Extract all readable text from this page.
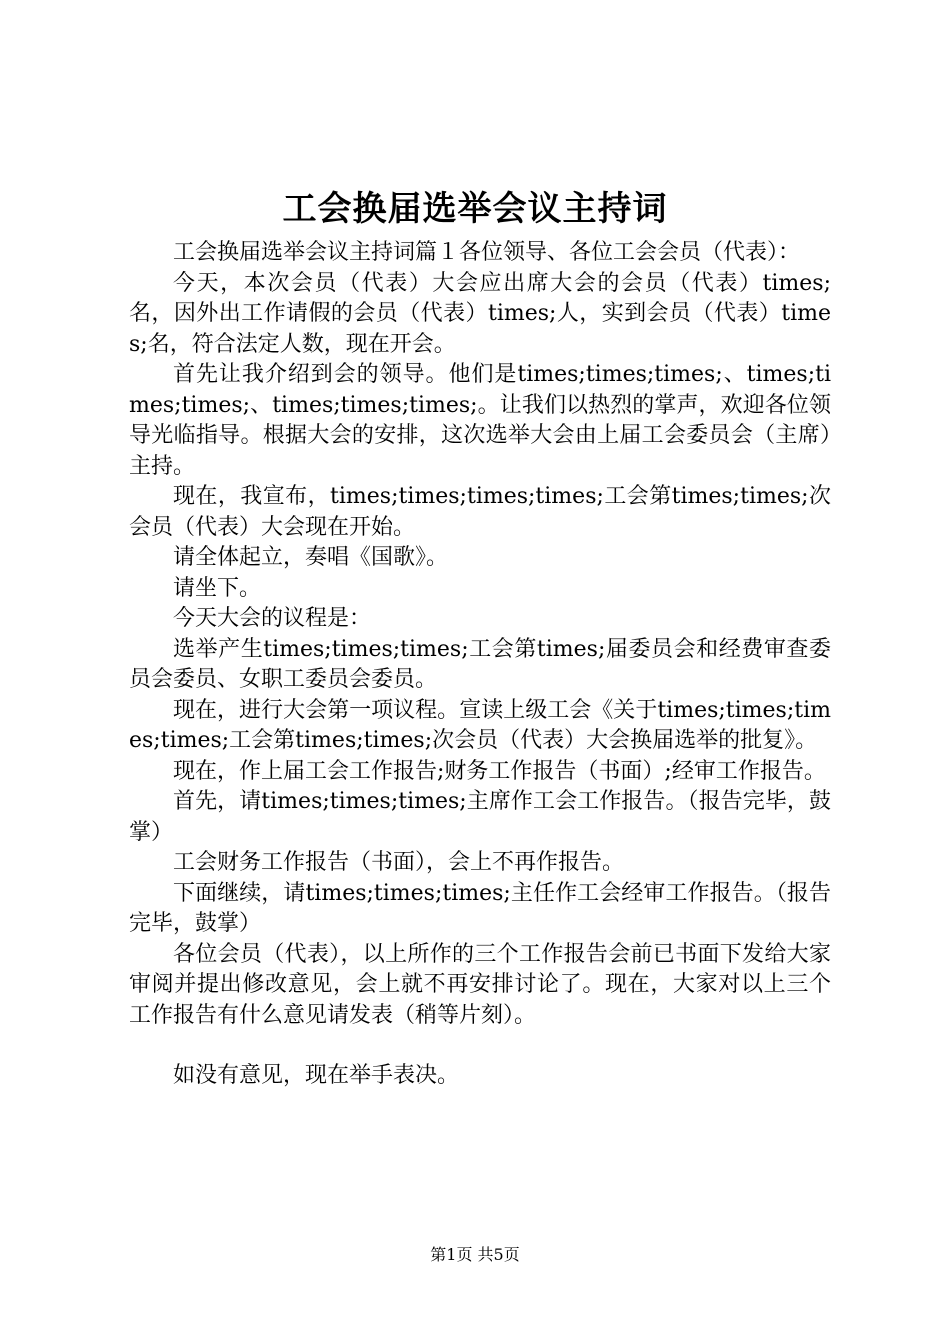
工会换届选举会议主持词

工会换届选举会议主持词篇１各位领导、各位工会会员（代表）：

今天，本次会员（代表）大会应出席大会的会员（代表）times;名，因外出工作请假的会员（代表）times;人，实到会员（代表）times;名，符合法定人数，现在开会。

首先让我介绍到会的领导。他们是times;times;times;、times;times;times;、times;times;times;。让我们以热烈的掌声，欢迎各位领导光临指导。根据大会的安排，这次选举大会由上届工会委员会（主席）主持。

现在，我宣布，times;times;times;times;工会第times;times;次会员（代表）大会现在开始。

请全体起立，奏唱《国歌》。

请坐下。

今天大会的议程是：

选举产生times;times;times;工会第times;届委员会和经费审查委员会委员、女职工委员会委员。

现在，进行大会第一项议程。宣读上级工会《关于times;times;times;times;工会第times;times;次会员（代表）大会换届选举的批复》。

现在，作上届工会工作报告;财务工作报告（书面）;经审工作报告。

首先，请times;times;times;主席作工会工作报告。（报告完毕，鼓掌）

工会财务工作报告（书面），会上不再作报告。

下面继续，请times;times;times;主任作工会经审工作报告。（报告完毕，鼓掌）

各位会员（代表），以上所作的三个工作报告会前已书面下发给大家审阅并提出修改意见，会上就不再安排讨论了。现在，大家对以上三个工作报告有什么意见请发表（稍等片刻）。

如没有意见，现在举手表决。

第1页 共5页
